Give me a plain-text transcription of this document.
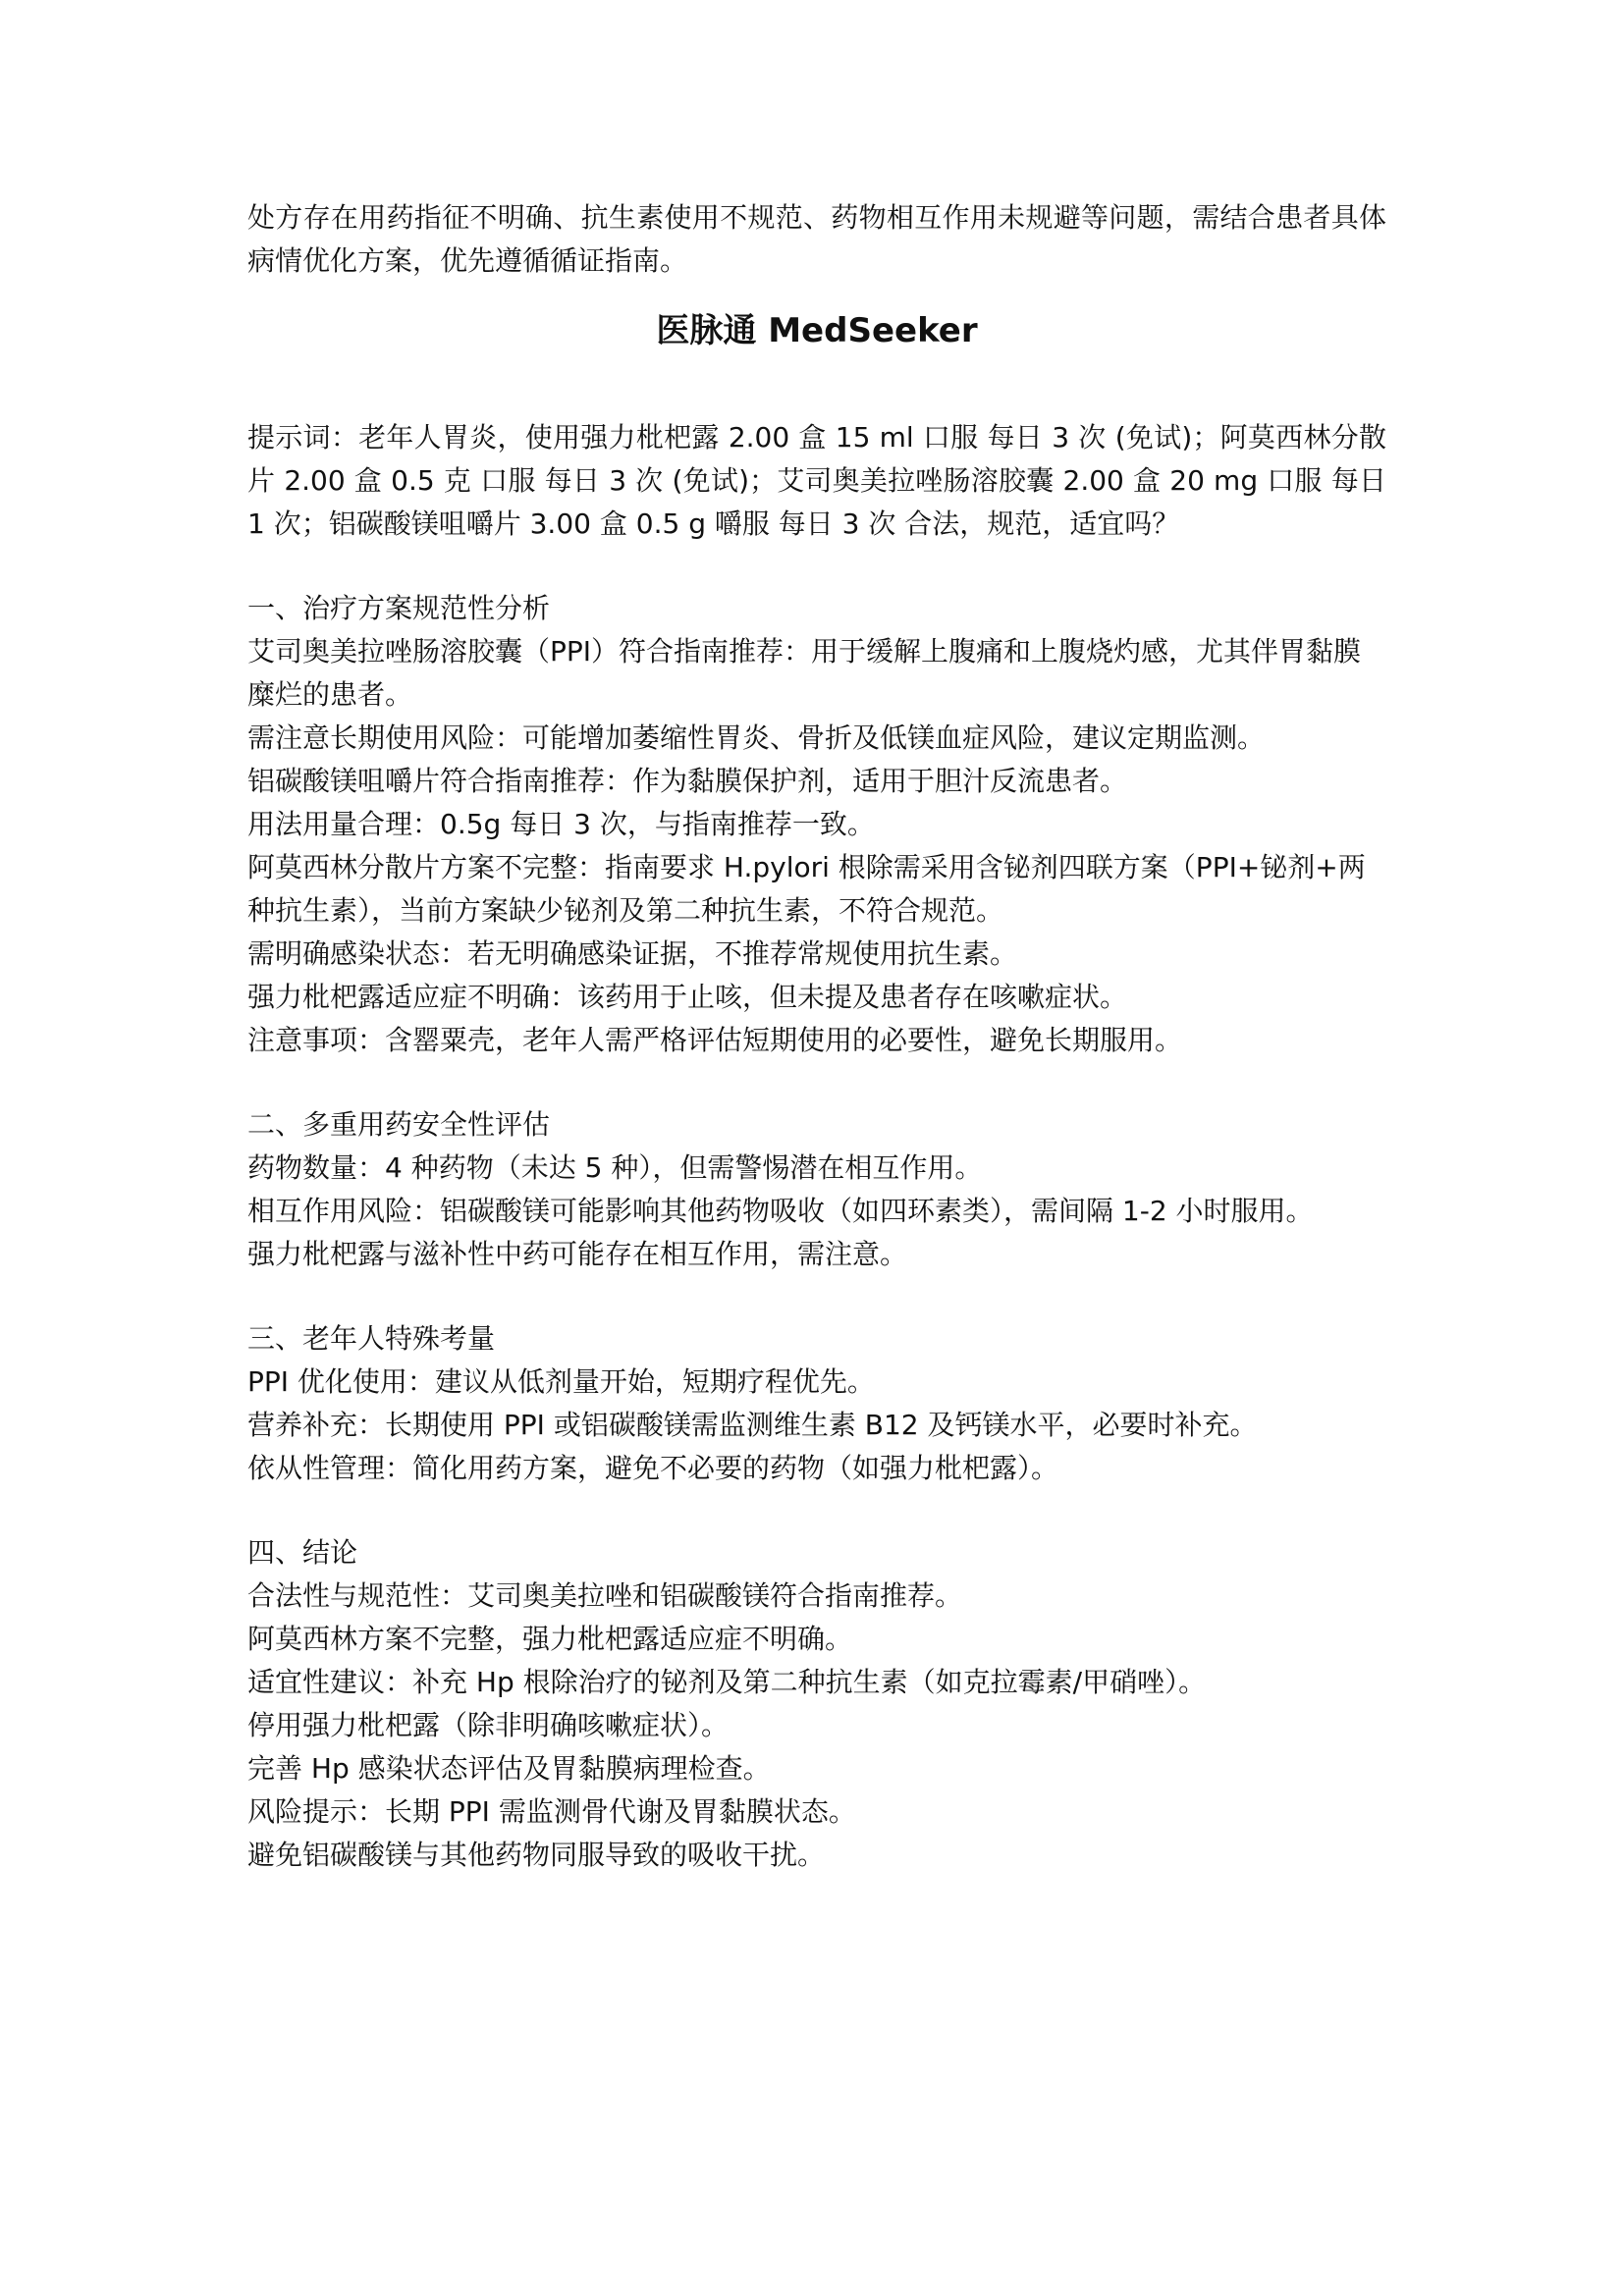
处方存在用药指征不明确、抗生素使用不规范、药物相互作用未规避等问题，需结合患者具体病情优化方案，优先遵循循证指南。

医脉通 MedSeeker

提示词：老年人胃炎，使用强力枇杷露 2.00 盒 15 ml 口服 每日 3 次 (免试)；阿莫西林分散片 2.00 盒 0.5 克 口服 每日 3 次 (免试)；艾司奥美拉唑肠溶胶囊 2.00 盒 20 mg 口服 每日 1 次；铝碳酸镁咀嚼片 3.00 盒 0.5 g 嚼服 每日 3 次 合法，规范，适宜吗？

一、治疗方案规范性分析

艾司奥美拉唑肠溶胶囊（PPI）符合指南推荐：用于缓解上腹痛和上腹烧灼感，尤其伴胃黏膜糜烂的患者。

需注意长期使用风险：可能增加萎缩性胃炎、骨折及低镁血症风险，建议定期监测。

铝碳酸镁咀嚼片符合指南推荐：作为黏膜保护剂，适用于胆汁反流患者。

用法用量合理：0.5g 每日 3 次，与指南推荐一致。

阿莫西林分散片方案不完整：指南要求 H.pylori 根除需采用含铋剂四联方案（PPI+铋剂+两种抗生素），当前方案缺少铋剂及第二种抗生素，不符合规范。

需明确感染状态：若无明确感染证据，不推荐常规使用抗生素。

强力枇杷露适应症不明确：该药用于止咳，但未提及患者存在咳嗽症状。

注意事项：含罂粟壳，老年人需严格评估短期使用的必要性，避免长期服用。

二、多重用药安全性评估

药物数量：4 种药物（未达 5 种），但需警惕潜在相互作用。

相互作用风险：铝碳酸镁可能影响其他药物吸收（如四环素类），需间隔 1-2 小时服用。

强力枇杷露与滋补性中药可能存在相互作用，需注意。

三、老年人特殊考量

PPI 优化使用：建议从低剂量开始，短期疗程优先。

营养补充：长期使用 PPI 或铝碳酸镁需监测维生素 B12 及钙镁水平，必要时补充。

依从性管理：简化用药方案，避免不必要的药物（如强力枇杷露）。

四、结论

合法性与规范性：艾司奥美拉唑和铝碳酸镁符合指南推荐。

阿莫西林方案不完整，强力枇杷露适应症不明确。

适宜性建议：补充 Hp 根除治疗的铋剂及第二种抗生素（如克拉霉素/甲硝唑）。

停用强力枇杷露（除非明确咳嗽症状）。

完善 Hp 感染状态评估及胃黏膜病理检查。

风险提示：长期 PPI 需监测骨代谢及胃黏膜状态。

避免铝碳酸镁与其他药物同服导致的吸收干扰。
